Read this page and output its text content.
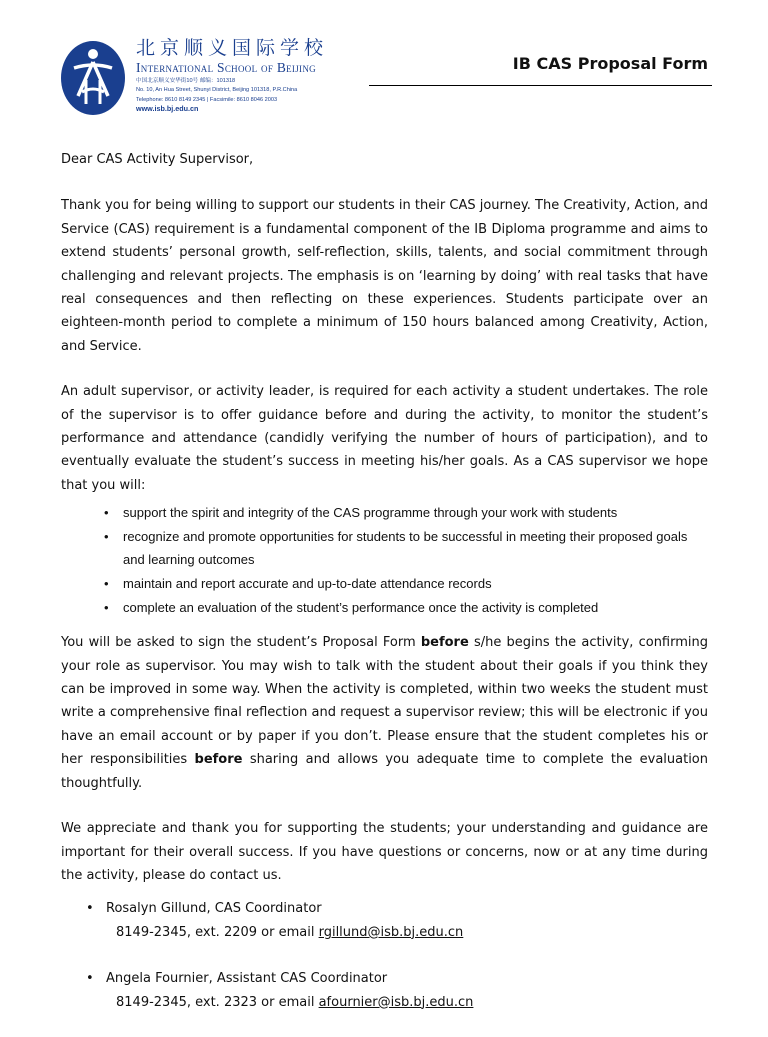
北京顺义国际学校
International School of Beijing
中国北京顺义安华街10号 邮编：101318
No. 10, An Hua Street, Shunyi District, Beijing 101318, P.R.China
Telephone: 8610 8149 2345 | Facsimile: 8610 8046 2003
www.isb.bj.edu.cn
IB CAS Proposal Form

Dear CAS Activity Supervisor,

Thank you for being willing to support our students in their CAS journey. The Creativity, Action, and Service (CAS) requirement is a fundamental component of the IB Diploma programme and aims to extend students’ personal growth, self-reflection, skills, talents, and social commitment through challenging and relevant projects. The emphasis is on ‘learning by doing’ with real tasks that have real consequences and then reflecting on these experiences. Students participate over an eighteen-month period to complete a minimum of 150 hours balanced among Creativity, Action, and Service.

An adult supervisor, or activity leader, is required for each activity a student undertakes. The role of the supervisor is to offer guidance before and during the activity, to monitor the student’s performance and attendance (candidly verifying the number of hours of participation), and to eventually evaluate the student’s success in meeting his/her goals. As a CAS supervisor we hope that you will:

• support the spirit and integrity of the CAS programme through your work with students
• recognize and promote opportunities for students to be successful in meeting their proposed goals and learning outcomes
• maintain and report accurate and up-to-date attendance records
• complete an evaluation of the student’s performance once the activity is completed

You will be asked to sign the student’s Proposal Form before s/he begins the activity, confirming your role as supervisor. You may wish to talk with the student about their goals if you think they can be improved in some way. When the activity is completed, within two weeks the student must write a comprehensive final reflection and request a supervisor review; this will be electronic if you have an email account or by paper if you don’t. Please ensure that the student completes his or her responsibilities before sharing and allows you adequate time to complete the evaluation thoughtfully.

We appreciate and thank you for supporting the students; your understanding and guidance are important for their overall success. If you have questions or concerns, now or at any time during the activity, please do contact us.

• Rosalyn Gillund, CAS Coordinator
8149-2345, ext. 2209 or email rgillund@isb.bj.edu.cn
• Angela Fournier, Assistant CAS Coordinator
8149-2345, ext. 2323 or email afournier@isb.bj.edu.cn
